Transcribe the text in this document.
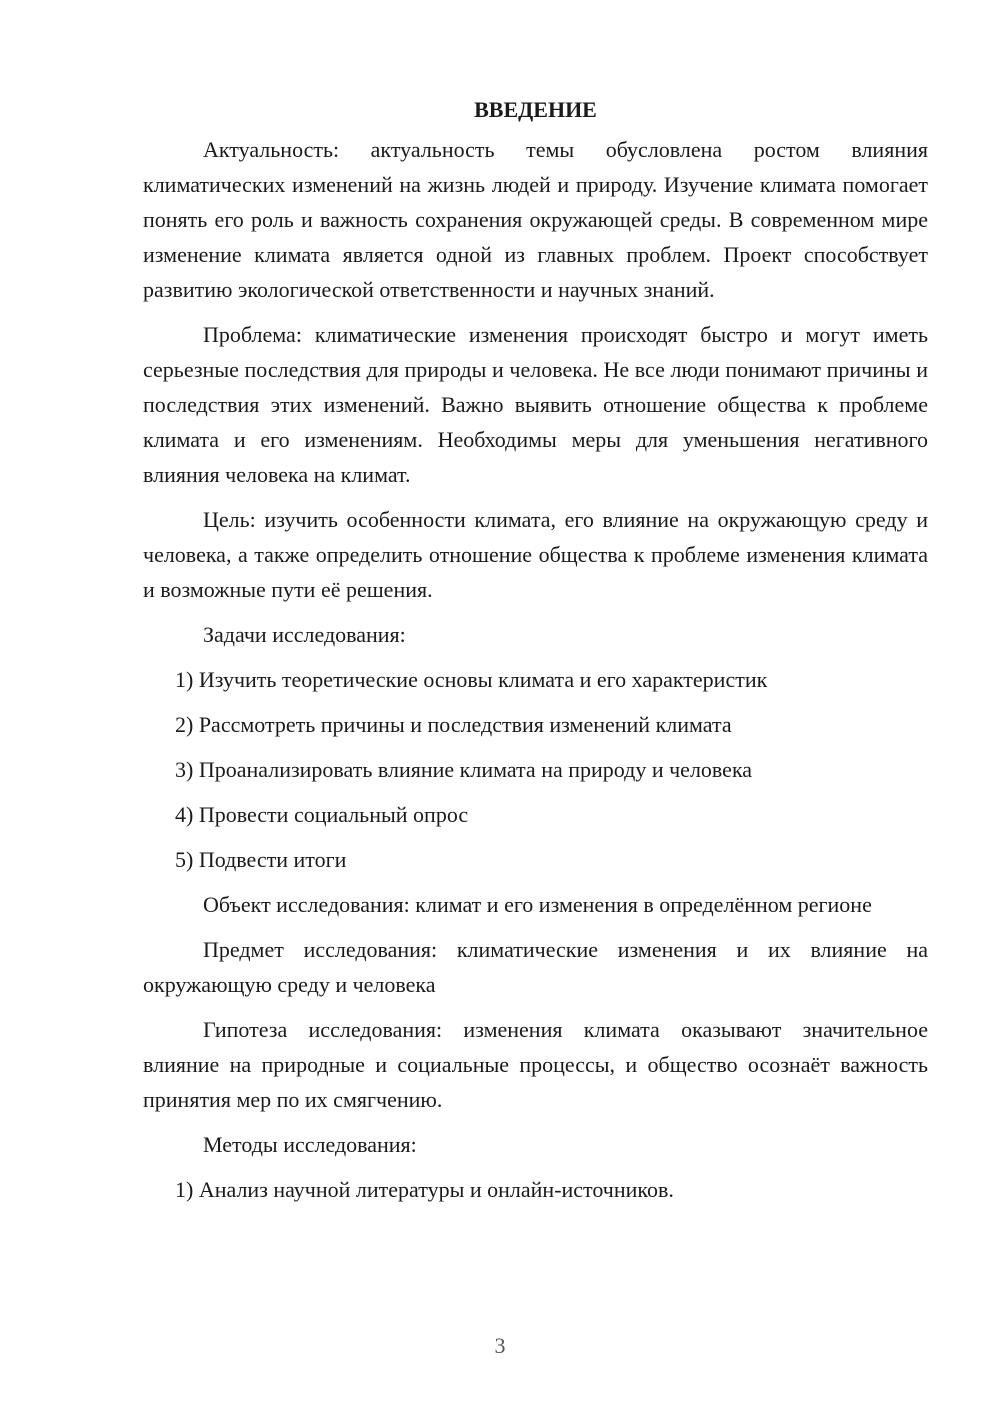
ВВЕДЕНИЕ

Актуальность: актуальность темы обусловлена ростом влияния климатических изменений на жизнь людей и природу. Изучение климата помогает понять его роль и важность сохранения окружающей среды. В современном мире изменение климата является одной из главных проблем. Проект способствует развитию экологической ответственности и научных знаний.

Проблема: климатические изменения происходят быстро и могут иметь серьезные последствия для природы и человека. Не все люди понимают причины и последствия этих изменений. Важно выявить отношение общества к проблеме климата и его изменениям. Необходимы меры для уменьшения негативного влияния человека на климат.

Цель: изучить особенности климата, его влияние на окружающую среду и человека, а также определить отношение общества к проблеме изменения климата и возможные пути её решения.

Задачи исследования:

1) Изучить теоретические основы климата и его характеристик
2) Рассмотреть причины и последствия изменений климата
3) Проанализировать влияние климата на природу и человека
4) Провести социальный опрос
5) Подвести итоги

Объект исследования: климат и его изменения в определённом регионе

Предмет исследования: климатические изменения и их влияние на окружающую среду и человека

Гипотеза исследования: изменения климата оказывают значительное влияние на природные и социальные процессы, и общество осознаёт важность принятия мер по их смягчению.

Методы исследования:

1) Анализ научной литературы и онлайн-источников.
3
